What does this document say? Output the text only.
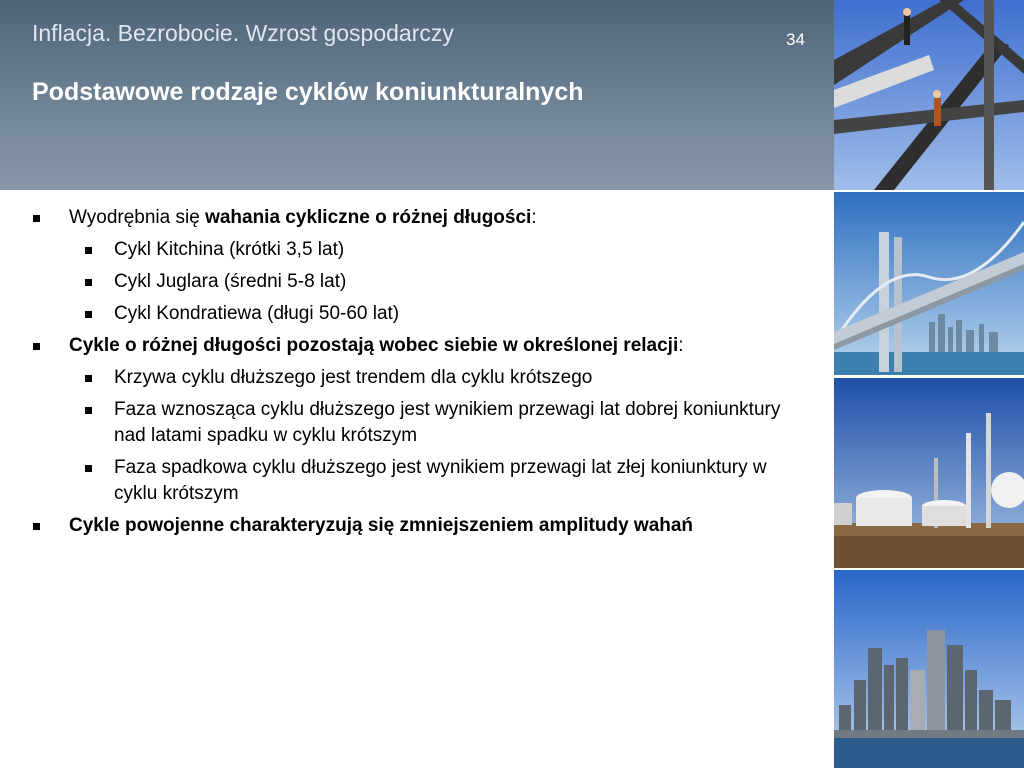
Inflacja. Bezrobocie. Wzrost gospodarczy	34
Podstawowe rodzaje cyklów koniunkturalnych
Wyodrębnia się wahania cykliczne o różnej długości:
Cykl Kitchina (krótki 3,5 lat)
Cykl Juglara (średni 5-8 lat)
Cykl Kondratiewa (długi 50-60 lat)
Cykle o różnej długości pozostają wobec siebie w określonej relacji:
Krzywa cyklu dłuższego jest trendem dla cyklu krótszego
Faza wznosząca cyklu dłuższego jest wynikiem przewagi lat dobrej koniunktury nad latami spadku w cyklu krótszym
Faza spadkowa cyklu dłuższego jest wynikiem przewagi lat złej koniunktury w cyklu krótszym
Cykle powojenne charakteryzują się zmniejszeniem amplitudy wahań
